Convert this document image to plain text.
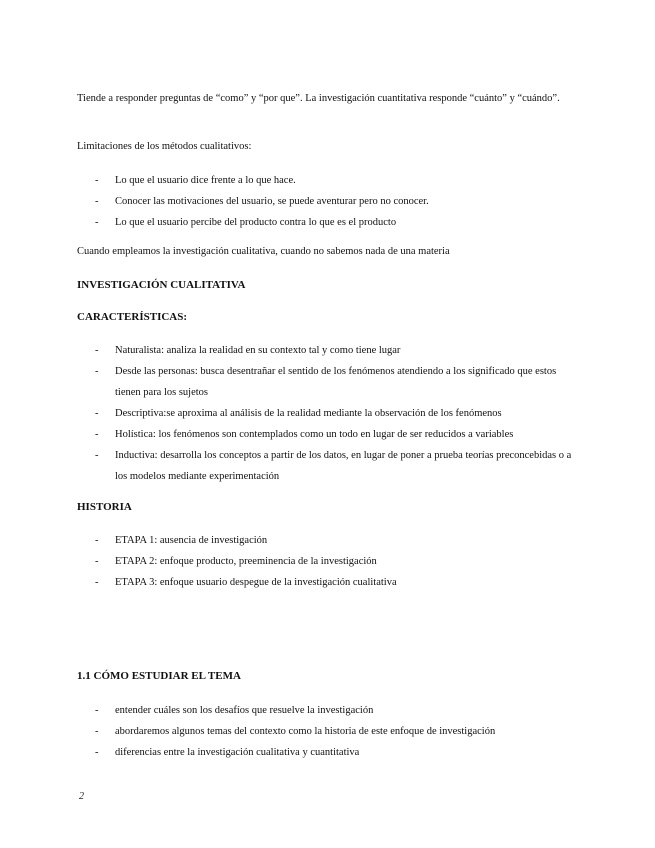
Tiende a responder preguntas de “como” y “por que”. La investigación cuantitativa responde “cuánto” y “cuándo”.

Limitaciones de los métodos cualitativos:

- Lo que el usuario dice frente a lo que hace.
- Conocer las motivaciones del usuario, se puede aventurar pero no conocer.
- Lo que el usuario percibe del producto contra lo que es el producto

Cuando empleamos la investigación cualitativa, cuando no sabemos nada de una materia

INVESTIGACIÓN CUALITATIVA
CARACTERÍSTICAS:
- Naturalista: analiza la realidad en su contexto tal y como tiene lugar
- Desde las personas: busca desentrañar el sentido de los fenómenos atendiendo a los significado que estos tienen para los sujetos
- Descriptiva:se aproxima al análisis de la realidad mediante la observación de los fenómenos
- Holística: los fenómenos son contemplados como un todo en lugar de ser reducidos a variables
- Inductiva: desarrolla los conceptos a partir de los datos, en lugar de poner a prueba teorías preconcebidas o a los modelos mediante experimentación
HISTORIA
- ETAPA 1: ausencia de investigación
- ETAPA 2: enfoque producto, preeminencia de la investigación
- ETAPA 3: enfoque usuario despegue de la investigación cualitativa
1.1 CÓMO ESTUDIAR EL TEMA
- entender cuáles son los desafíos que resuelve la investigación
- abordaremos algunos temas del contexto como la historia de este enfoque de investigación
- diferencias entre la investigación cualitativa y cuantitativa
2
